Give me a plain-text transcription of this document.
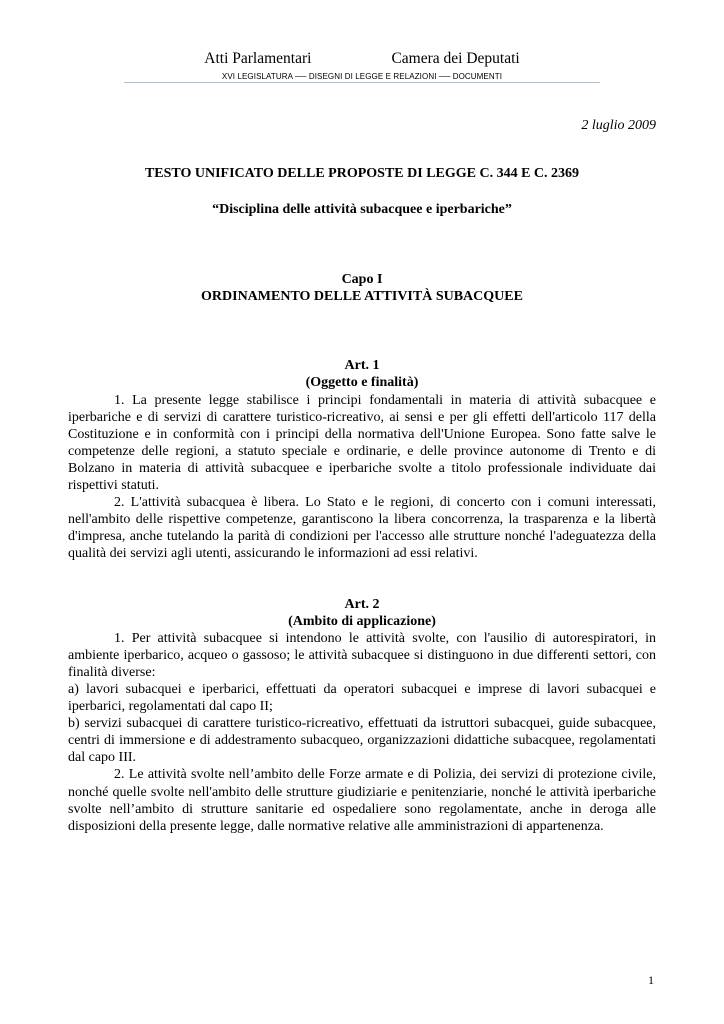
Atti Parlamentari	Camera dei Deputati
XVI LEGISLATURA ── DISEGNI DI LEGGE E RELAZIONI ── DOCUMENTI
2 luglio 2009
TESTO UNIFICATO DELLE PROPOSTE DI LEGGE C. 344 E C. 2369
“Disciplina delle attività subacquee e iperbariche”
Capo I
ORDINAMENTO DELLE ATTIVITÀ SUBACQUEE
Art. 1
(Oggetto e finalità)

1. La presente legge stabilisce i principi fondamentali in materia di attività subacquee e iperbariche e di servizi di carattere turistico-ricreativo, ai sensi e per gli effetti dell'articolo 117 della Costituzione e in conformità con i principi della normativa dell'Unione Europea. Sono fatte salve le competenze delle regioni, a statuto speciale e ordinarie, e delle province autonome di Trento e di Bolzano in materia di attività subacquee e iperbariche svolte a titolo professionale individuate dai rispettivi statuti.

2. L'attività subacquea è libera. Lo Stato e le regioni, di concerto con i comuni interessati, nell'ambito delle rispettive competenze, garantiscono la libera concorrenza, la trasparenza e la libertà d'impresa, anche tutelando la parità di condizioni per l'accesso alle strutture nonché l'adeguatezza della qualità dei servizi agli utenti, assicurando le informazioni ad essi relativi.

Art. 2
(Ambito di applicazione)

1. Per attività subacquee si intendono le attività svolte, con l'ausilio di autorespiratori, in ambiente iperbarico, acqueo o gassoso; le attività subacquee si distinguono in due differenti settori, con finalità diverse:

a) lavori subacquei e iperbarici, effettuati da operatori subacquei e imprese di lavori subacquei e iperbarici, regolamentati dal capo II;

b) servizi subacquei di carattere turistico-ricreativo, effettuati da istruttori subacquei, guide subacquee, centri di immersione e di addestramento subacqueo, organizzazioni didattiche subacquee, regolamentati dal capo III.

2. Le attività svolte nell’ambito delle Forze armate e di Polizia, dei servizi di protezione civile, nonché quelle svolte nell'ambito delle strutture giudiziarie e penitenziarie, nonché le attività iperbariche svolte nell’ambito di strutture sanitarie ed ospedaliere sono regolamentate, anche in deroga alle disposizioni della presente legge, dalle normative relative alle amministrazioni di appartenenza.

1
